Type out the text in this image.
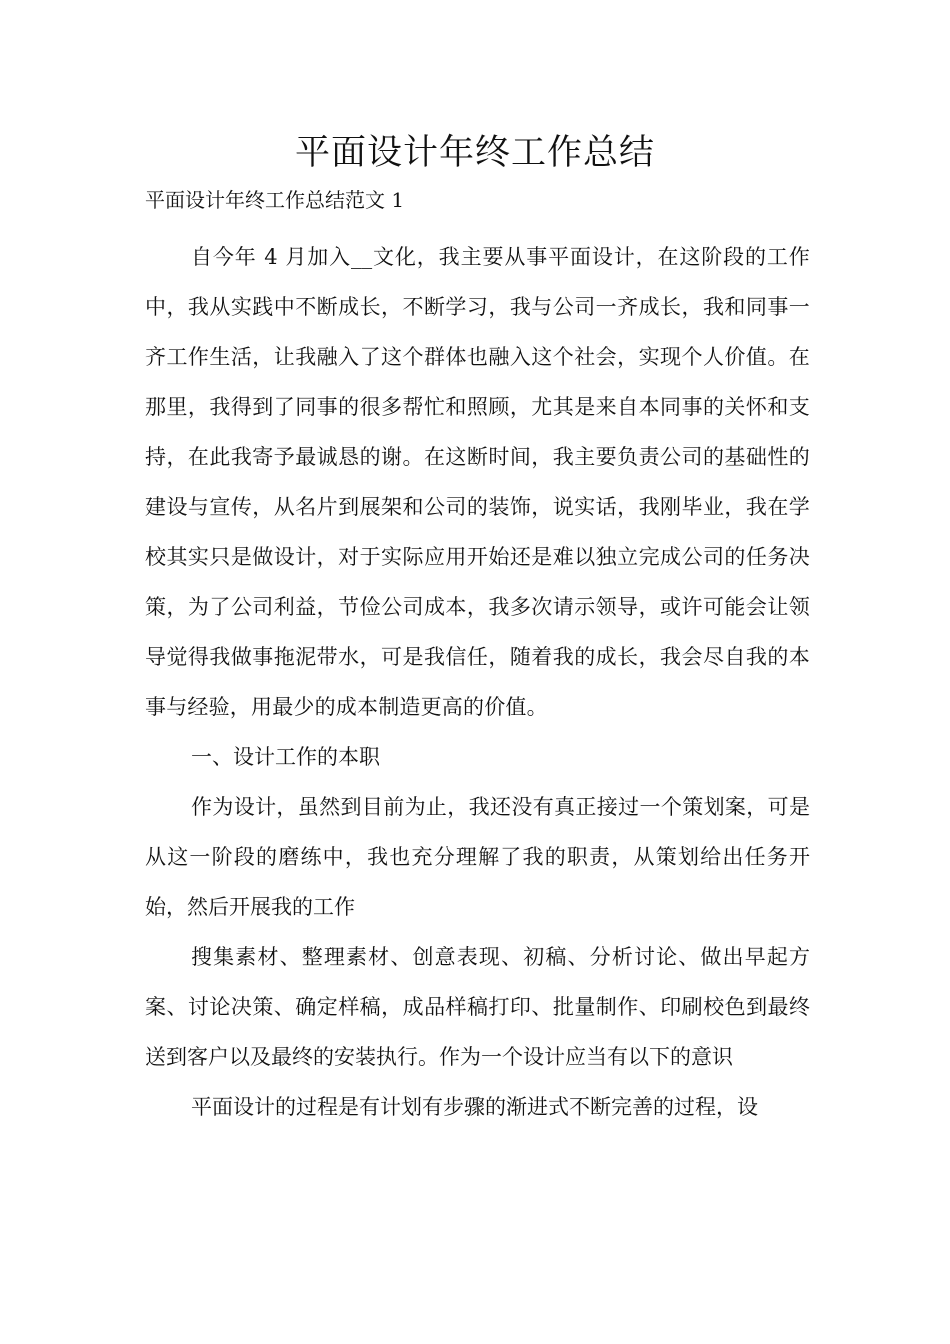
平面设计年终工作总结

平面设计年终工作总结范文 1

自今年 4 月加入__文化，我主要从事平面设计，在这阶段的工作中，我从实践中不断成长，不断学习，我与公司一齐成长，我和同事一齐工作生活，让我融入了这个群体也融入这个社会，实现个人价值。在那里，我得到了同事的很多帮忙和照顾，尤其是来自本同事的关怀和支持，在此我寄予最诚恳的谢。在这断时间，我主要负责公司的基础性的建设与宣传，从名片到展架和公司的装饰，说实话，我刚毕业，我在学校其实只是做设计，对于实际应用开始还是难以独立完成公司的任务决策，为了公司利益，节俭公司成本，我多次请示领导，或许可能会让领导觉得我做事拖泥带水，可是我信任，随着我的成长，我会尽自我的本事与经验，用最少的成本制造更高的价值。

一、设计工作的本职

作为设计，虽然到目前为止，我还没有真正接过一个策划案，可是从这一阶段的磨练中，我也充分理解了我的职责，从策划给出任务开始，然后开展我的工作

搜集素材、整理素材、创意表现、初稿、分析讨论、做出早起方案、讨论决策、确定样稿，成品样稿打印、批量制作、印刷校色到最终送到客户以及最终的安装执行。作为一个设计应当有以下的意识

平面设计的过程是有计划有步骤的渐进式不断完善的过程，设
